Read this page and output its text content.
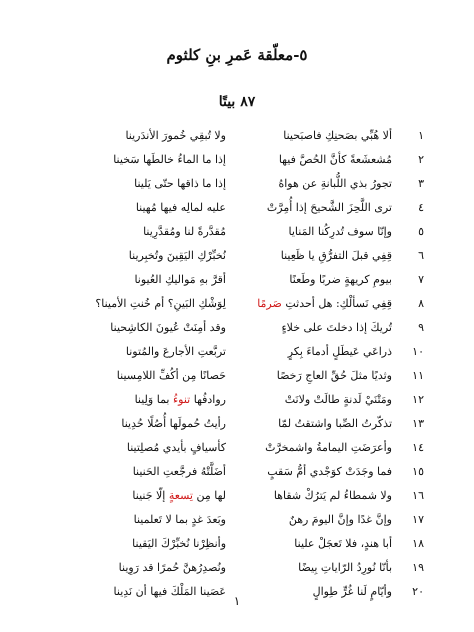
٥-معلّقة عَمرِ بنِ كلثوم
٨٧ بيتًا
١
ألا هُبِّي بصَحنِكِ فاصبَحينا
ولا تُبقِي خُمورَ الأندَرينا
٢
مُشعشَعةً كأنَّ الحُصَّ فيها
إذا ما الماءُ خالطَها سَخينا
٣
تجورُ بذي اللُّبانةِ عن هواهُ
إذا ما ذاقها حتّى يَلينا
٤
ترى اللَّحِزَ الشَّحيحَ إذا أُمِرَّتْ
عليه لمالِه فيها مُهينا
٥
وإنّا سوف تُدرِكُنا المَنايا
مُقدَّرةً لنا ومُقدَّرِينا
٦
قِفِي قبلَ التفرُّقِ يا ظَعِينا
نُخبِّرْكِ اليَقِينَ وتُخبِرينا
٧
بيومِ كريهةٍ ضربًا وطَعنًا
أقرَّ بهِ مَواليكِ العُيونا
٨
قِفِي نَسألْكِ: هل أحدثتِ صَرمًا
لِوَشْكِ البَينِ؟ أم خُنتِ الأمينا؟
٩
تُريكَ إذا دخلتَ على خلاءٍ
وقد أمِنَتْ عُيونَ الكاشِحينا
١٠
ذراعَي عَيطَلٍ أدماءَ بِكرٍ
تربَّعتِ الأجارعَ والمُتونا
١١
وثديًا مثلَ حُقِّ العاجِ رَخصًا
حَصانًا مِن أكُفِّ اللامِسينا
١٢
ومَتْنَيْ لَدنةٍ طالَتْ ولانَتْ
روادفُها تنوءُ بما وَلِينا
١٣
تذكّرتُ الصِّبا واشتقتُ لمّا
رأيتُ حُمولَها أُصُلًا حُدِينا
١٤
وأعرَضَتِ اليمامةُ واشمخرَّتْ
كأسيافٍ بأيدي مُصلِتينا
١٥
فما وجَدَتْ كوَجْدي أمُّ سَقبٍ
أضَلَّتْهُ فرجَّعتِ الحَنينا
١٦
ولا شمطاءُ لم يَترُكْ شقاها
لها مِن تِسعةٍ إلّا جَنينا
١٧
وإنَّ غدًا وإنَّ اليومَ رهنٌ
وبَعدَ غدٍ بما لا تَعلمينا
١٨
أبا هندٍ، فلا تَعجَلْ علينا
وأنظِرْنا نُخبِّرْكَ اليَقينا
١٩
بأنّا نُورِدُ الرّاياتِ بِيضًا
ونُصدِرُهنَّ حُمرًا قد رَوِينا
٢٠
وأيّامٍ لَنا غُرٍّ طِوالٍ
عَصَينا المَلْكَ فيها أن نَدِينا
١
